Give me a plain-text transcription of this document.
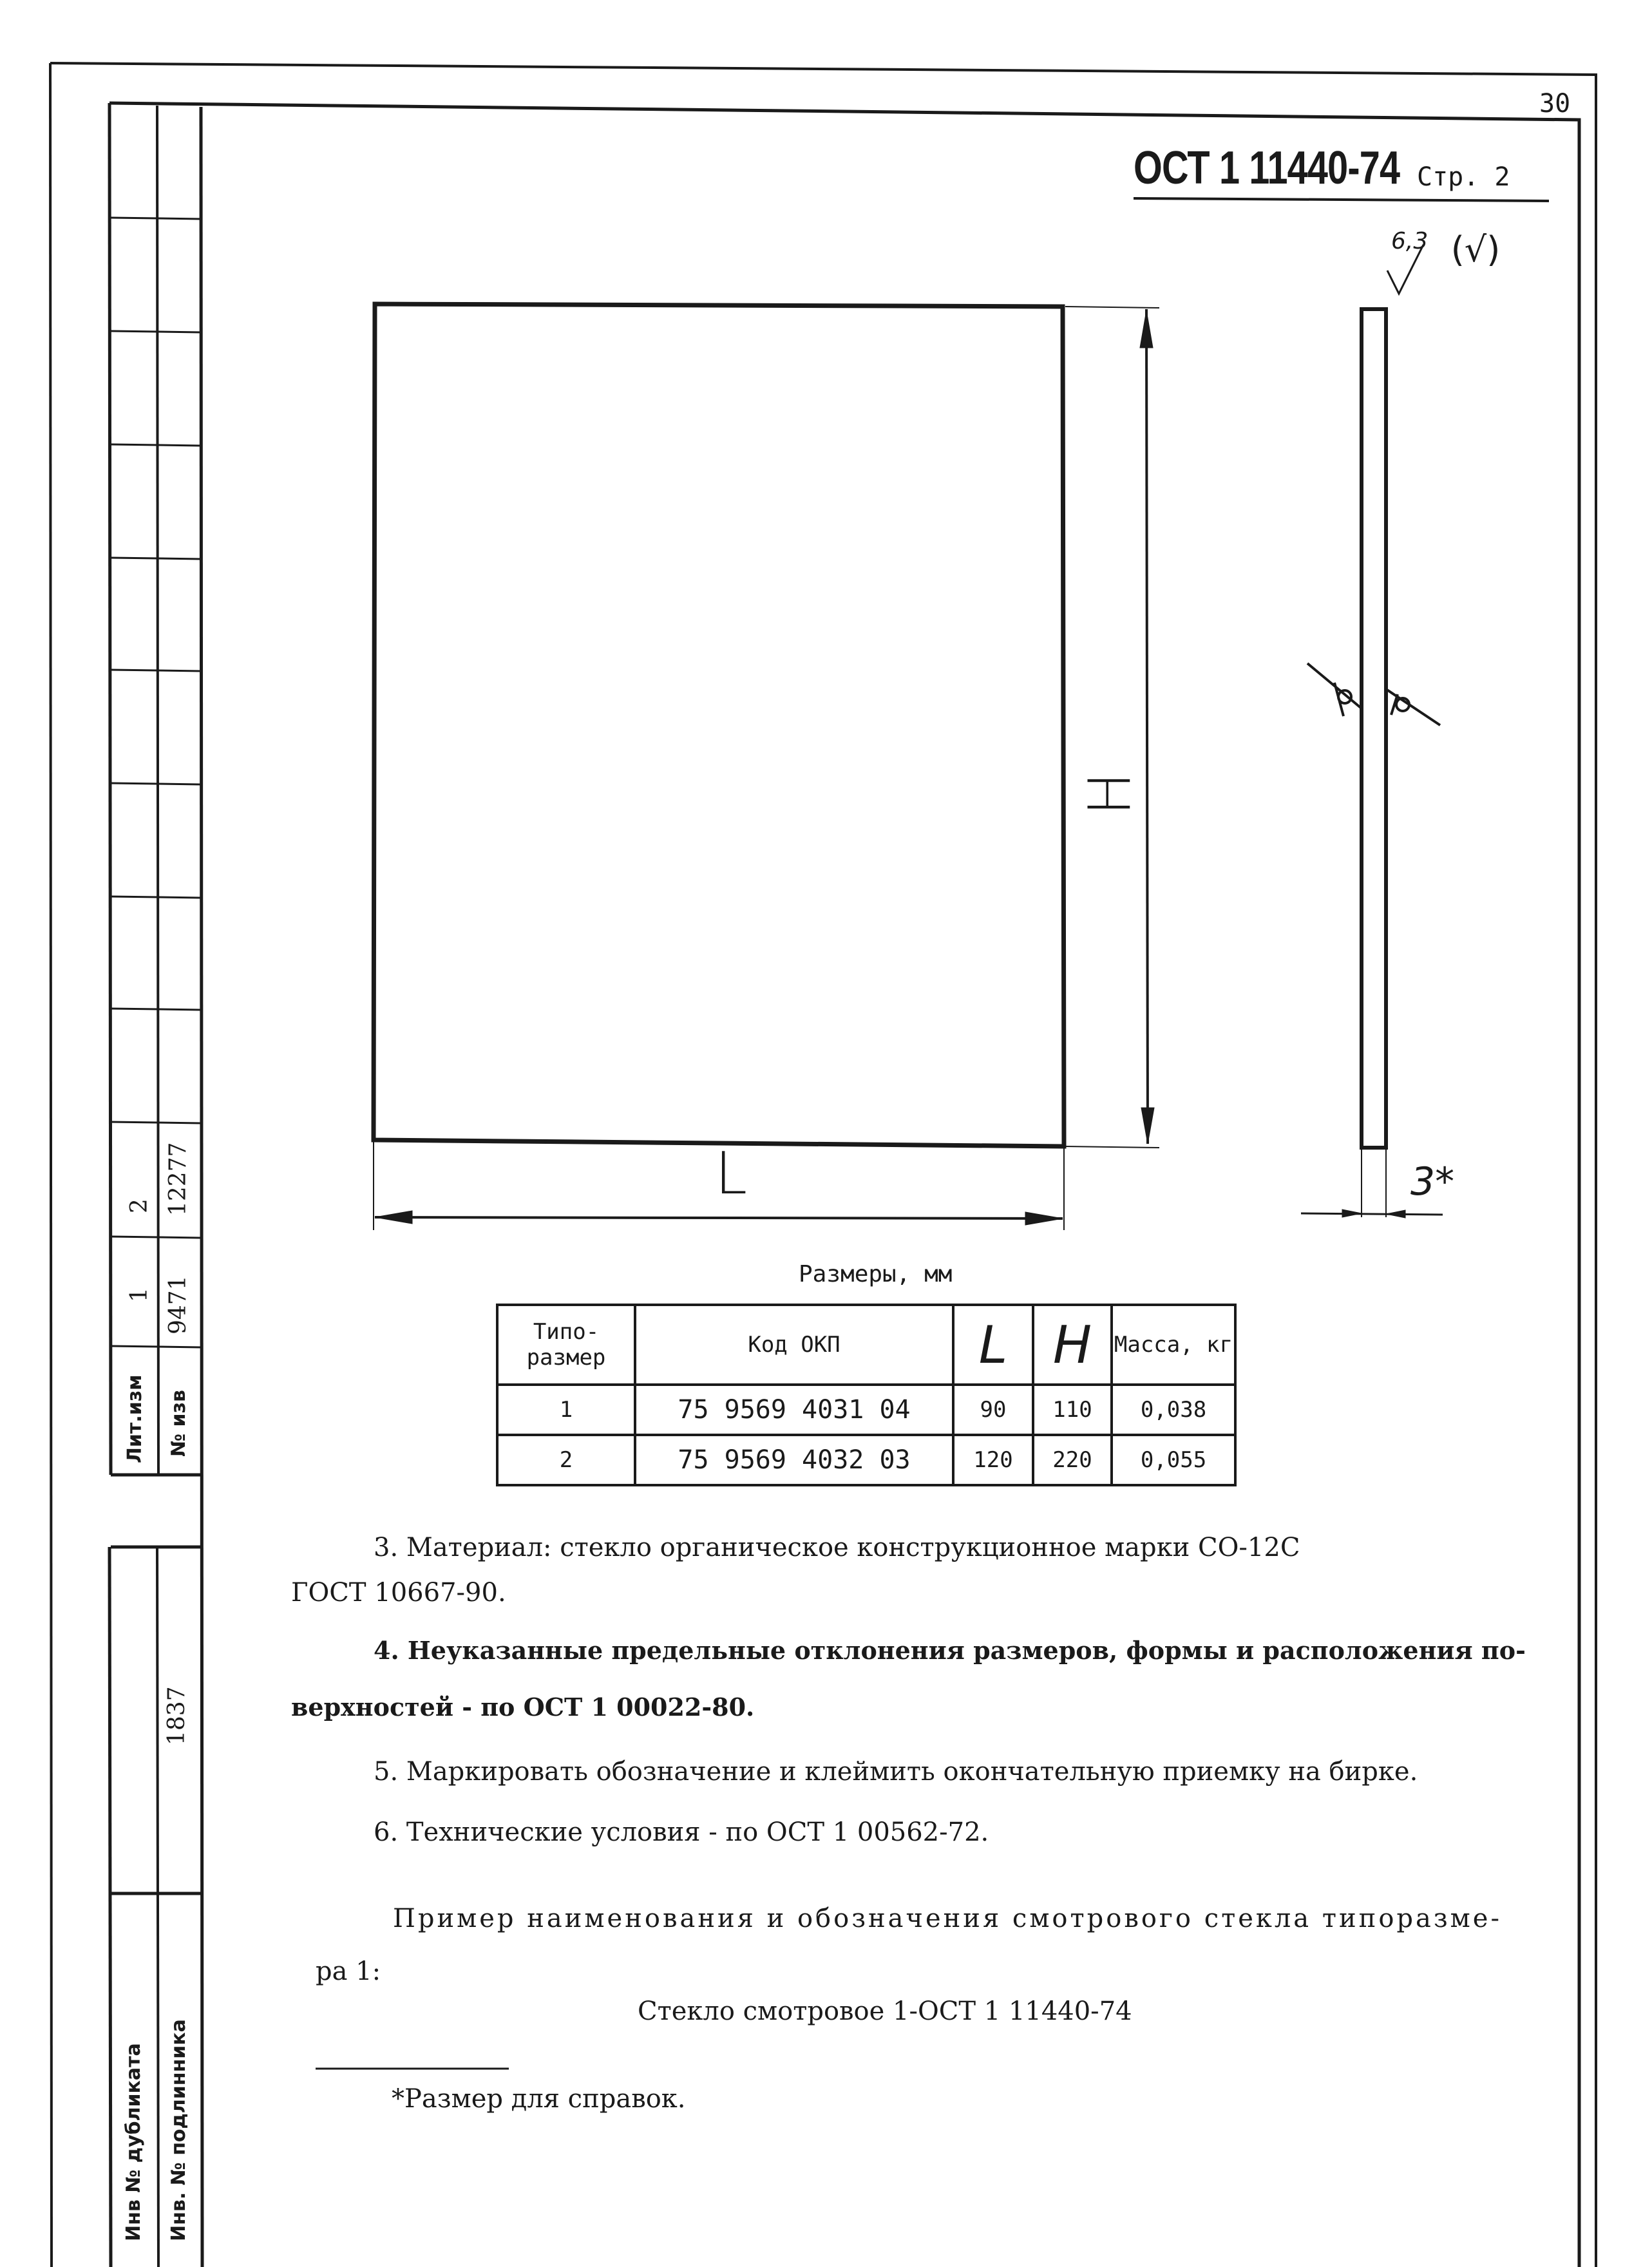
30
ОСТ 1 11440-74 Стр. 2
6,3 (√)
H
L	3*
Размеры, мм
Типо-размер	Код ОКП	L	H	Масса, кг
1	75 9569 4031 04	90	110	0,038
2	75 9569 4032 03	120	220	0,055
3. Материал: стекло органическое конструкционное марки СО-12С
ГОСТ 10667-90.
4. Неуказанные предельные отклонения размеров, формы и расположения по-
верхностей - по ОСТ 1 00022-80.
5. Маркировать обозначение и клеймить окончательную приемку на бирке.
6. Технические условия - по ОСТ 1 00562-72.
Пример наименования и обозначения смотрового стекла типоразме-
ра 1:
Стекло смотровое 1-ОСТ 1 11440-74
*Размер для справок.
2 12277
1 9471
Лит.изм № изв
1837
Инв № дубликата Инв. № подлинника
